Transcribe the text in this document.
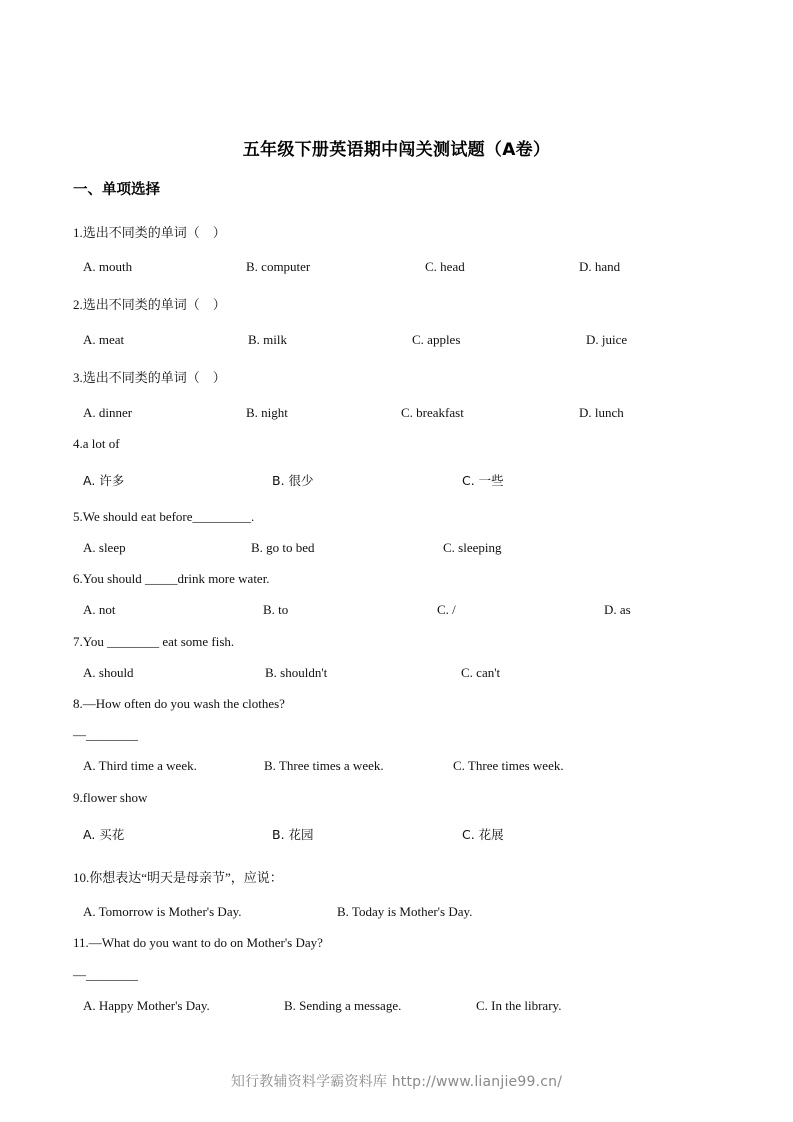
五年级下册英语期中闯关测试题（A卷）
一、单项选择
1.选出不同类的单词（　）
A. mouth	B. computer	C. head	D. hand
2.选出不同类的单词（　）
A. meat	B. milk	C. apples	D. juice
3.选出不同类的单词（　）
A. dinner	B. night	C. breakfast	D. lunch
4.a lot of
A. 许多	B. 很少	C. 一些
5.We should eat before_________.
A. sleep	B. go to bed	C. sleeping
6.You should _____drink more water.
A. not	B. to	C. /	D. as
7.You ________ eat some fish.
A. should	B. shouldn't	C. can't
8.—How often do you wash the clothes?
—________
A. Third time a week.	B. Three times a week.	C. Three times week.
9.flower show
A. 买花	B. 花园	C. 花展
10.你想表达“明天是母亲节”，应说：
A. Tomorrow is Mother's Day.	B. Today is Mother's Day.
11.—What do you want to do on Mother's Day?
—________
A. Happy Mother's Day.	B. Sending a message.	C. In the library.
知行教辅资料学霸资料库 http://www.lianjie99.cn/
